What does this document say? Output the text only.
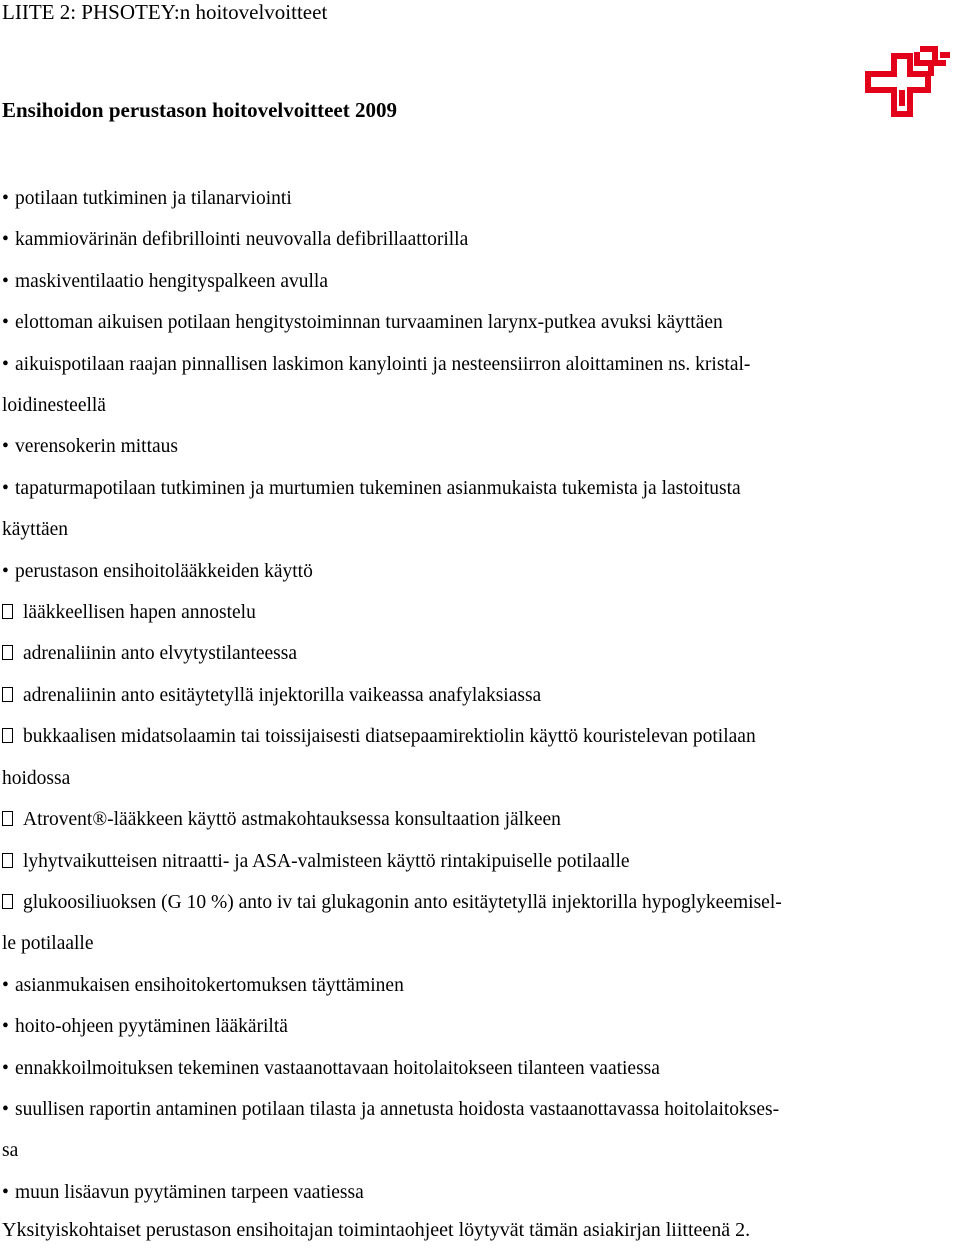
LIITE 2: PHSOTEY:n hoitovelvoitteet
Ensihoidon perustason hoitovelvoitteet 2009
• potilaan tutkiminen ja tilanarviointi
• kammiovärinän defibrillointi neuvovalla defibrillaattorilla
• maskiventilaatio hengityspalkeen avulla
• elottoman aikuisen potilaan hengitystoiminnan turvaaminen larynx-putkea avuksi käyttäen
• aikuispotilaan raajan pinnallisen laskimon kanylointi ja nesteensiirron aloittaminen ns. kristal-
loidinesteellä
• verensokerin mittaus
• tapaturmapotilaan tutkiminen ja murtumien tukeminen asianmukaista tukemista ja lastoitusta
käyttäen
• perustason ensihoitolääkkeiden käyttö
lääkkeellisen hapen annostelu
adrenaliinin anto elvytystilanteessa
adrenaliinin anto esitäytetyllä injektorilla vaikeassa anafylaksiassa
bukkaalisen midatsolaamin tai toissijaisesti diatsepaamirektiolin käyttö kouristelevan potilaan
hoidossa
Atrovent®-lääkkeen käyttö astmakohtauksessa konsultaation jälkeen
lyhytvaikutteisen nitraatti- ja ASA-valmisteen käyttö rintakipuiselle potilaalle
glukoosiliuoksen (G 10 %) anto iv tai glukagonin anto esitäytetyllä injektorilla hypoglykeemisel-
le potilaalle
• asianmukaisen ensihoitokertomuksen täyttäminen
• hoito-ohjeen pyytäminen lääkäriltä
• ennakkoilmoituksen tekeminen vastaanottavaan hoitolaitokseen tilanteen vaatiessa
• suullisen raportin antaminen potilaan tilasta ja annetusta hoidosta vastaanottavassa hoitolaitokses-
sa
• muun lisäavun pyytäminen tarpeen vaatiessa
Yksityiskohtaiset perustason ensihoitajan toimintaohjeet löytyvät tämän asiakirjan liitteenä 2.
